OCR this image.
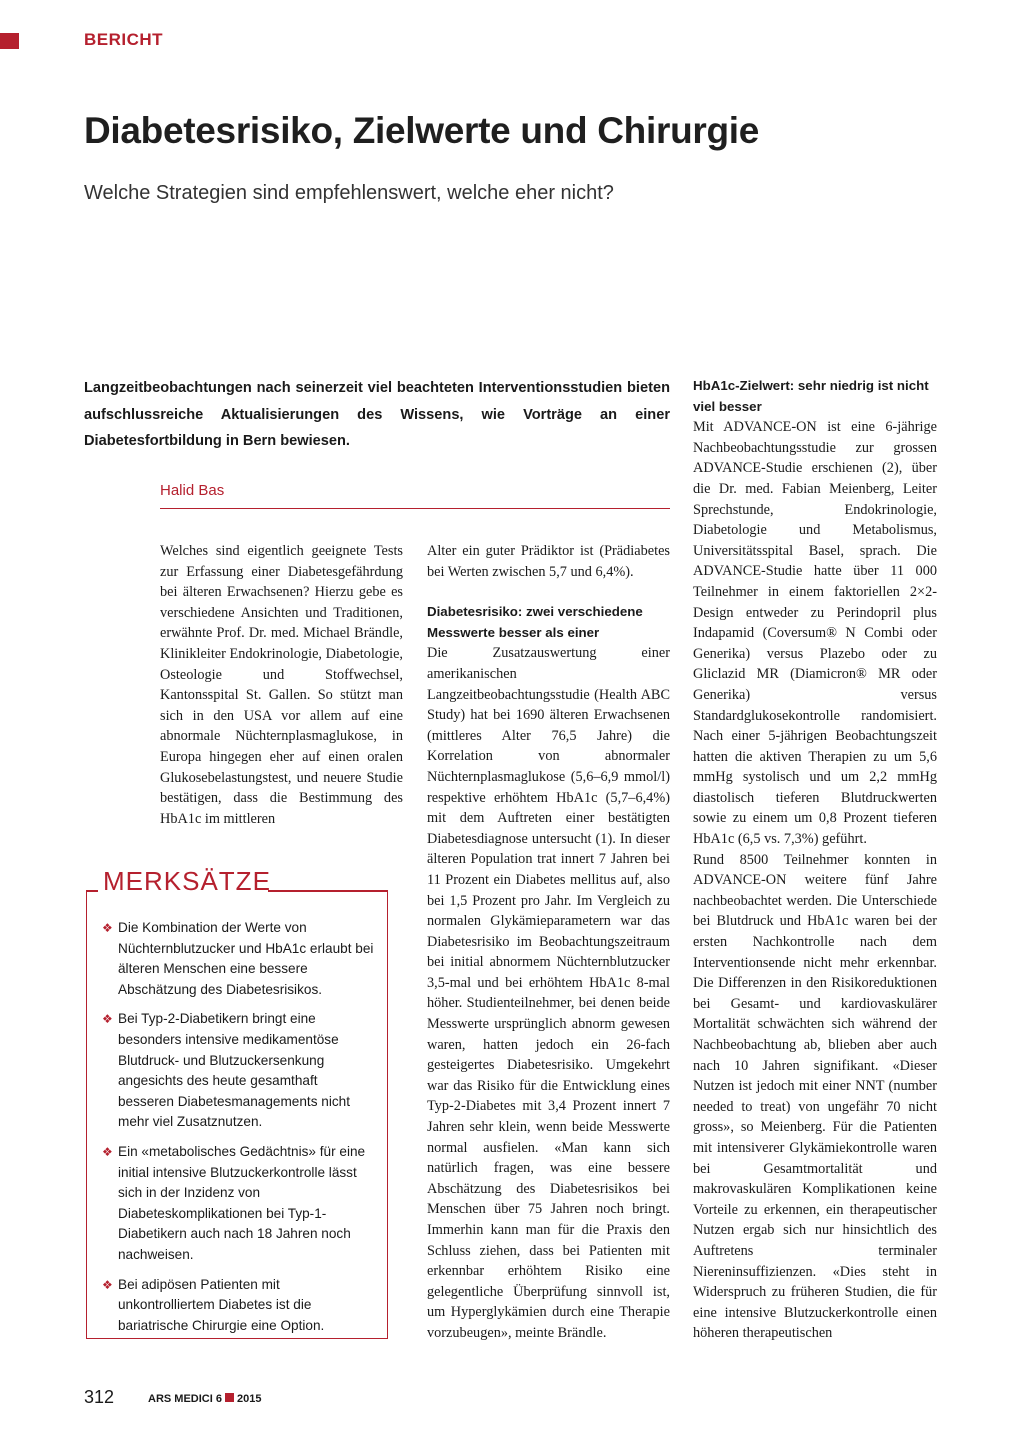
BERICHT
Diabetesrisiko, Zielwerte und Chirurgie
Welche Strategien sind empfehlenswert, welche eher nicht?

Langzeitbeobachtungen nach seinerzeit viel beachteten Interventionsstudien bieten aufschlussreiche Aktualisierungen des Wissens, wie Vorträge an einer Diabetesfortbildung in Bern bewiesen.

Halid Bas

Welches sind eigentlich geeignete Tests zur Erfassung einer Diabetesgefährdung bei älteren Erwachsenen? Hierzu gebe es verschiedene Ansichten und Traditionen, erwähnte Prof. Dr. med. Michael Brändle, Klinikleiter Endokrinologie, Diabetologie, Osteologie und Stoffwechsel, Kantonsspital St. Gallen. So stützt man sich in den USA vor allem auf eine abnormale Nüchternplasmaglukose, in Europa hingegen eher auf einen oralen Glukosebelastungstest, und neuere Studie bestätigen, dass die Bestimmung des HbA1c im mittleren

Alter ein guter Prädiktor ist (Prädiabetes bei Werten zwischen 5,7 und 6,4%).

Diabetesrisiko: zwei verschiedene Messwerte besser als einer

Die Zusatzauswertung einer amerikanischen Langzeitbeobachtungsstudie (Health ABC Study) hat bei 1690 älteren Erwachsenen (mittleres Alter 76,5 Jahre) die Korrelation von abnormaler Nüchternplasmaglukose (5,6–6,9 mmol/l) respektive erhöhtem HbA1c (5,7–6,4%) mit dem Auftreten einer bestätigten Diabetesdiagnose untersucht (1). In dieser älteren Population trat innert 7 Jahren bei 11 Prozent ein Diabetes mellitus auf, also bei 1,5 Prozent pro Jahr. Im Vergleich zu normalen Glykämieparametern war das Diabetesrisiko im Beobachtungszeitraum bei initial abnormem Nüchternblutzucker 3,5-mal und bei erhöhtem HbA1c 8-mal höher. Studienteilnehmer, bei denen beide Messwerte ursprünglich abnorm gewesen waren, hatten jedoch ein 26-fach gesteigertes Diabetesrisiko. Umgekehrt war das Risiko für die Entwicklung eines Typ-2-Diabetes mit 3,4 Prozent innert 7 Jahren sehr klein, wenn beide Messwerte normal ausfielen. «Man kann sich natürlich fragen, was eine bessere Abschätzung des Diabetesrisikos bei Menschen über 75 Jahren noch bringt. Immerhin kann man für die Praxis den Schluss ziehen, dass bei Patienten mit erkennbar erhöhtem Risiko eine gelegentliche Überprüfung sinnvoll ist, um Hyperglykämien durch eine Therapie vorzubeugen», meinte Brändle.

HbA1c-Zielwert: sehr niedrig ist nicht viel besser

Mit ADVANCE-ON ist eine 6-jährige Nachbeobachtungsstudie zur grossen ADVANCE-Studie erschienen (2), über die Dr. med. Fabian Meienberg, Leiter Sprechstunde, Endokrinologie, Diabetologie und Metabolismus, Universitätsspital Basel, sprach. Die ADVANCE-Studie hatte über 11 000 Teilnehmer in einem faktoriellen 2×2-Design entweder zu Perindopril plus Indapamid (Coversum® N Combi oder Generika) versus Plazebo oder zu Gliclazid MR (Diamicron® MR oder Generika) versus Standardglukosekontrolle randomisiert. Nach einer 5-jährigen Beobachtungszeit hatten die aktiven Therapien zu um 5,6 mmHg systolisch und um 2,2 mmHg diastolisch tieferen Blutdruckwerten sowie zu einem um 0,8 Prozent tieferen HbA1c (6,5 vs. 7,3%) geführt.

Rund 8500 Teilnehmer konnten in ADVANCE-ON weitere fünf Jahre nachbeobachtet werden. Die Unterschiede bei Blutdruck und HbA1c waren bei der ersten Nachkontrolle nach dem Interventionsende nicht mehr erkennbar. Die Differenzen in den Risikoreduktionen bei Gesamt- und kardiovaskulärer Mortalität schwächten sich während der Nachbeobachtung ab, blieben aber auch nach 10 Jahren signifikant. «Dieser Nutzen ist jedoch mit einer NNT (number needed to treat) von ungefähr 70 nicht gross», so Meienberg. Für die Patienten mit intensiverer Glykämiekontrolle waren bei Gesamtmortalität und makrovaskulären Komplikationen keine Vorteile zu erkennen, ein therapeutischer Nutzen ergab sich nur hinsichtlich des Auftretens terminaler Niereninsuffizienzen. «Dies steht in Widerspruch zu früheren Studien, die für eine intensive Blutzuckerkontrolle einen höheren therapeutischen

MERKSÄTZE
❖ Die Kombination der Werte von Nüchternblutzucker und HbA1c erlaubt bei älteren Menschen eine bessere Abschätzung des Diabetesrisikos.
❖ Bei Typ-2-Diabetikern bringt eine besonders intensive medikamentöse Blutdruck- und Blutzuckersenkung angesichts des heute gesamthaft besseren Diabetesmanagements nicht mehr viel Zusatznutzen.
❖ Ein «metabolisches Gedächtnis» für eine initial intensive Blutzuckerkontrolle lässt sich in der Inzidenz von Diabeteskomplikationen bei Typ-1-Diabetikern auch nach 18 Jahren noch nachweisen.
❖ Bei adipösen Patienten mit unkontrolliertem Diabetes ist die bariatrische Chirurgie eine Option.
312	ARS MEDICI 6 2015
